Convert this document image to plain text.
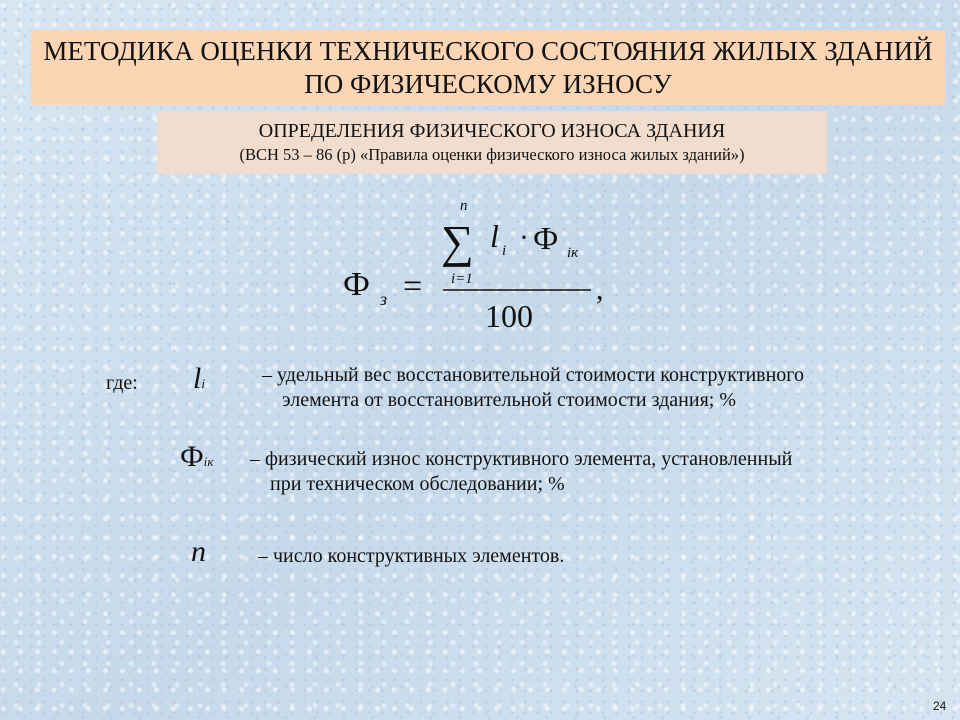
МЕТОДИКА ОЦЕНКИ ТЕХНИЧЕСКОГО СОСТОЯНИЯ ЖИЛЫХ ЗДАНИЙ
ПО ФИЗИЧЕСКОМУ ИЗНОСУ
ОПРЕДЕЛЕНИЯ ФИЗИЧЕСКОГО ИЗНОСА ЗДАНИЯ
(ВСН 53 – 86 (р) «Правила оценки физического износа жилых зданий»)
Ф з =
n
∑
i=1
l i · Ф iк
,
100
где: li	– удельный вес восстановительной стоимости конструктивного
элемента от восстановительной стоимости здания; %
Фiк – физический износ конструктивного элемента, установленный
при техническом обследовании; %
n	– число конструктивных элементов.
24
